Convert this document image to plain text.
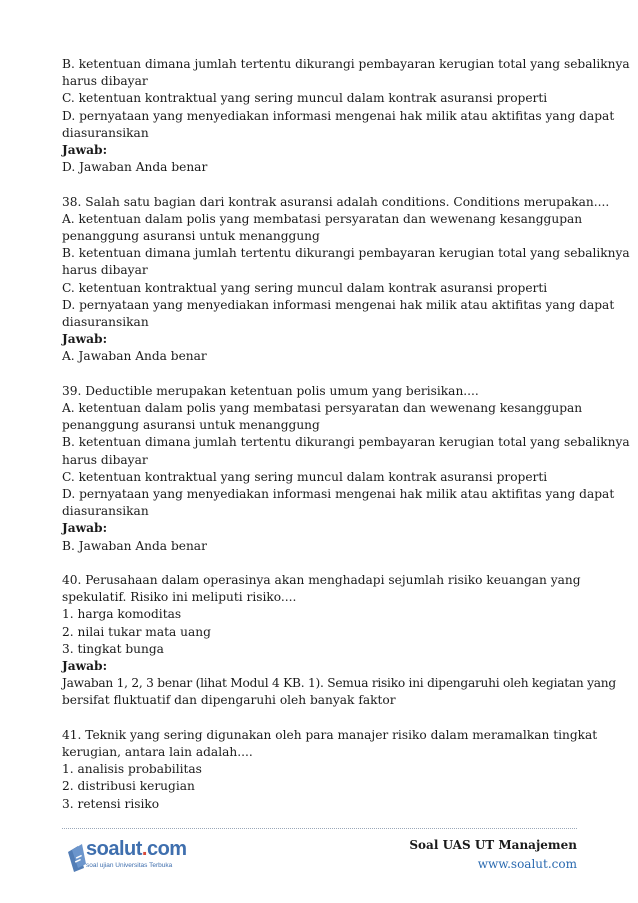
B. ketentuan dimana jumlah tertentu dikurangi pembayaran kerugian total yang sebaliknya
harus dibayar
C. ketentuan kontraktual yang sering muncul dalam kontrak asuransi properti
D. pernyataan yang menyediakan informasi mengenai hak milik atau aktifitas yang dapat
diasuransikan
Jawab:
D. Jawaban Anda benar
38. Salah satu bagian dari kontrak asuransi adalah conditions. Conditions merupakan....
A. ketentuan dalam polis yang membatasi persyaratan dan wewenang kesanggupan
penanggung asuransi untuk menanggung
B. ketentuan dimana jumlah tertentu dikurangi pembayaran kerugian total yang sebaliknya
harus dibayar
C. ketentuan kontraktual yang sering muncul dalam kontrak asuransi properti
D. pernyataan yang menyediakan informasi mengenai hak milik atau aktifitas yang dapat
diasuransikan
Jawab:
A. Jawaban Anda benar
39. Deductible merupakan ketentuan polis umum yang berisikan....
A. ketentuan dalam polis yang membatasi persyaratan dan wewenang kesanggupan
penanggung asuransi untuk menanggung
B. ketentuan dimana jumlah tertentu dikurangi pembayaran kerugian total yang sebaliknya
harus dibayar
C. ketentuan kontraktual yang sering muncul dalam kontrak asuransi properti
D. pernyataan yang menyediakan informasi mengenai hak milik atau aktifitas yang dapat
diasuransikan
Jawab:
B. Jawaban Anda benar
40. Perusahaan dalam operasinya akan menghadapi sejumlah risiko keuangan yang
spekulatif. Risiko ini meliputi risiko....
1. harga komoditas
2. nilai tukar mata uang
3. tingkat bunga
Jawab:
Jawaban 1, 2, 3 benar (lihat Modul 4 KB. 1). Semua risiko ini dipengaruhi oleh kegiatan yang
bersifat fluktuatif dan dipengaruhi oleh banyak faktor
41. Teknik yang sering digunakan oleh para manajer risiko dalam meramalkan tingkat
kerugian, antara lain adalah....
1. analisis probabilitas
2. distribusi kerugian
3. retensi risiko
soalut.com
soal ujian Universitas Terbuka
Soal UAS UT Manajemen
www.soalut.com
